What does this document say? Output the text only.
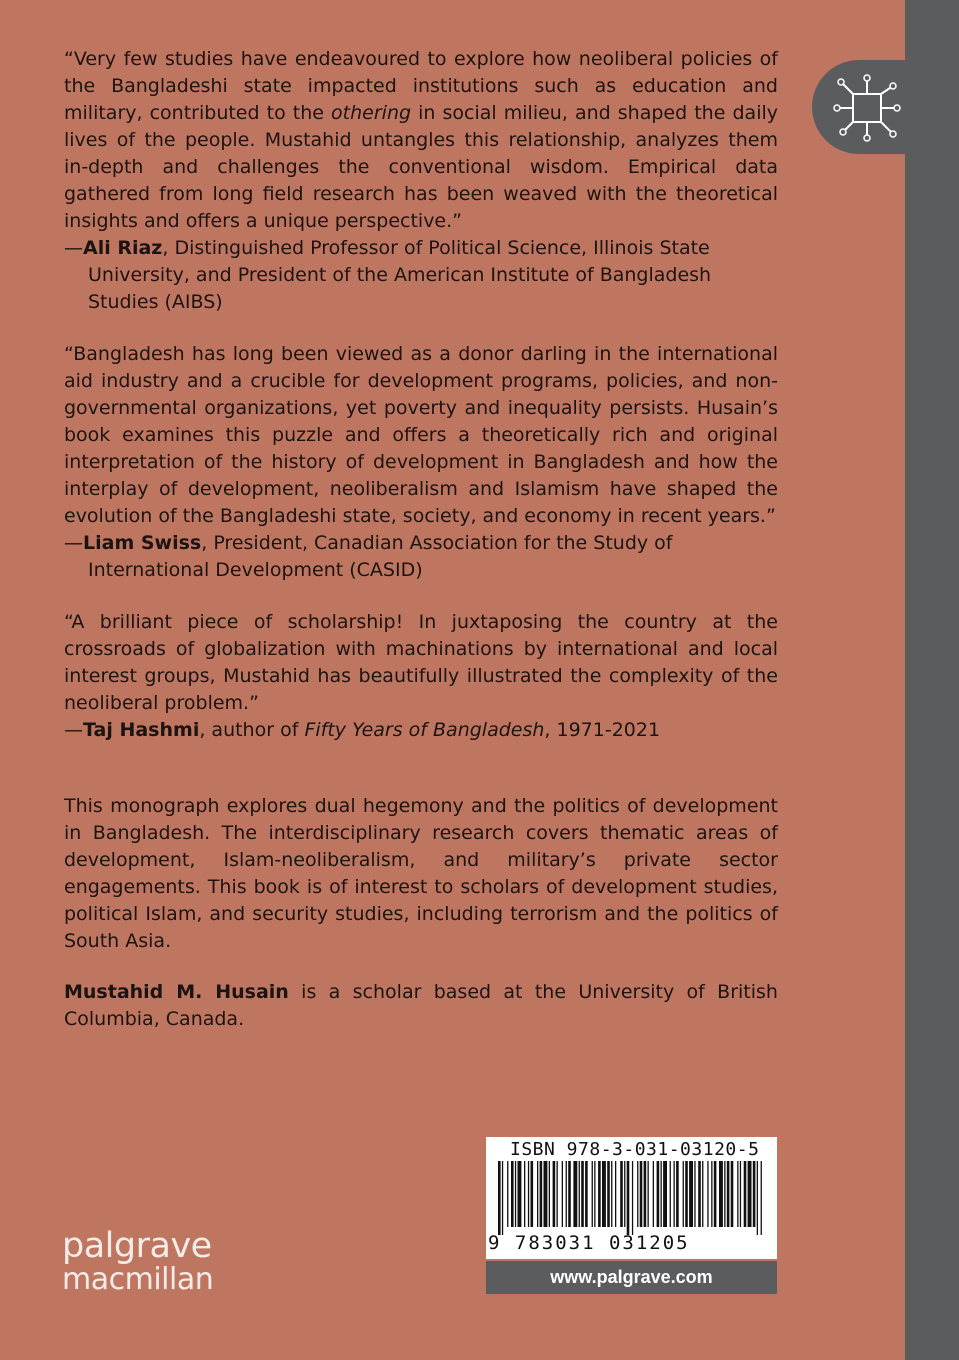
“Very few studies have endeavoured to explore how neoliberal policies of the Bangladeshi state impacted institutions such as education and military, contributed to the othering in social milieu, and shaped the daily lives of the people. Mustahid untangles this relationship, analyzes them in-depth and challenges the conventional wisdom. Empirical data gathered from long field research has been weaved with the theoretical insights and offers a unique perspective.”

—Ali Riaz, Distinguished Professor of Political Science, Illinois State University, and President of the American Institute of Bangladesh Studies (AIBS)

“Bangladesh has long been viewed as a donor darling in the international aid industry and a crucible for development programs, policies, and non-governmental organizations, yet poverty and inequality persists. Husain’s book examines this puzzle and offers a theoretically rich and original interpretation of the history of development in Bangladesh and how the interplay of development, neoliberalism and Islamism have shaped the evolution of the Bangladeshi state, society, and economy in recent years.”

—Liam Swiss, President, Canadian Association for the Study of International Development (CASID)

“A brilliant piece of scholarship! In juxtaposing the country at the crossroads of globalization with machinations by international and local interest groups, Mustahid has beautifully illustrated the complexity of the neoliberal problem.”

—Taj Hashmi, author of Fifty Years of Bangladesh, 1971-2021

This monograph explores dual hegemony and the politics of development in Bangladesh. The interdisciplinary research covers thematic areas of development, Islam-neoliberalism, and military’s private sector engagements. This book is of interest to scholars of development studies, political Islam, and security studies, including terrorism and the politics of South Asia.

Mustahid M. Husain is a scholar based at the University of British Columbia, Canada.

palgrave
macmillan
ISBN 978-3-031-03120-5
9 783031 031205
www.palgrave.com
